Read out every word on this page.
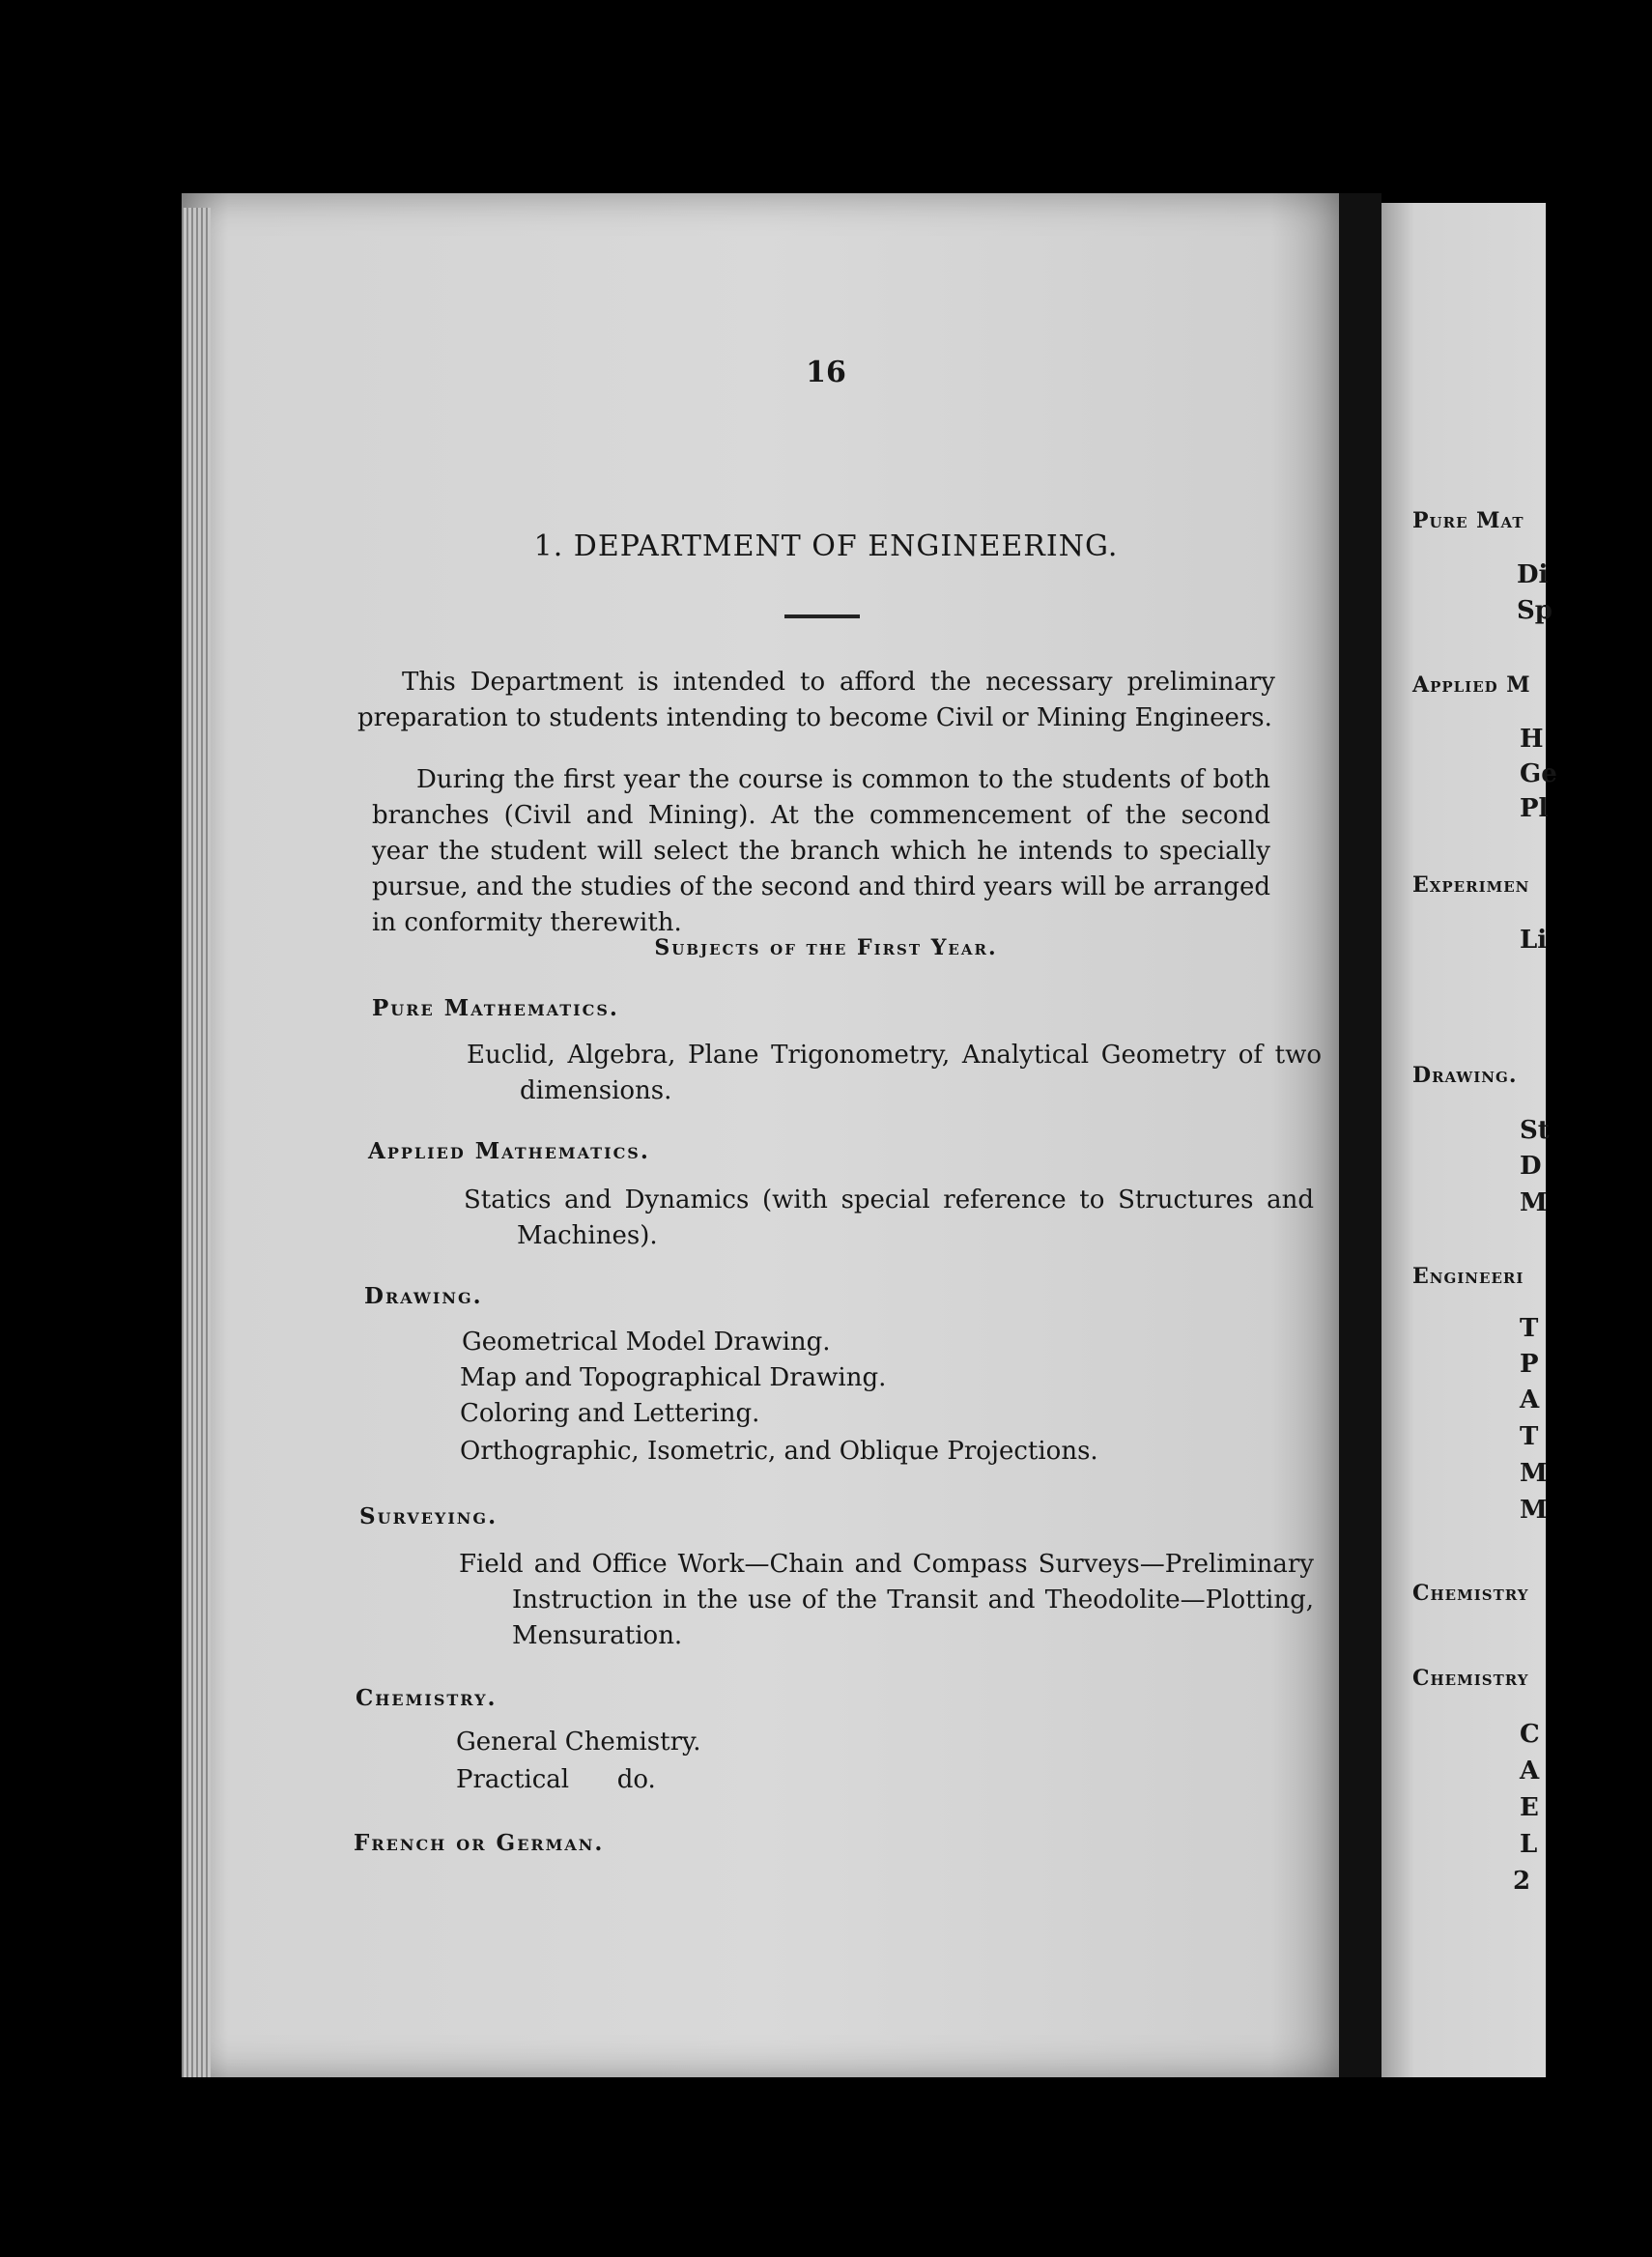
16
1. DEPARTMENT OF ENGINEERING.

This Department is intended to afford the necessary preliminary preparation to students intending to become Civil or Mining Engineers.

During the first year the course is common to the students of both branches (Civil and Mining). At the commencement of the second year the student will select the branch which he intends to specially pursue, and the studies of the second and third years will be arranged in conformity therewith.

Subjects of the First Year.
Pure Mathematics.

Euclid, Algebra, Plane Trigonometry, Analytical Geometry of two dimensions.

Applied Mathematics.

Statics and Dynamics (with special reference to Structures and Machines).

Drawing.
Geometrical Model Drawing.
Map and Topographical Drawing.
Coloring and Lettering.
Orthographic, Isometric, and Oblique Projections.
Surveying.

Field and Office Work—Chain and Compass Surveys—Preliminary Instruction in the use of the Transit and Theodolite—Plotting, Mensuration.

Chemistry.
General Chemistry.
Practical      do.
French or German.
Pure Mat
Di
Sp
Applied M
H
Ge
Pl
Experimen
Li
Drawing.
St
D
M
Engineeri
T
P
A
T
M
M
Chemistry
Chemistry
C
A
E
L
2
